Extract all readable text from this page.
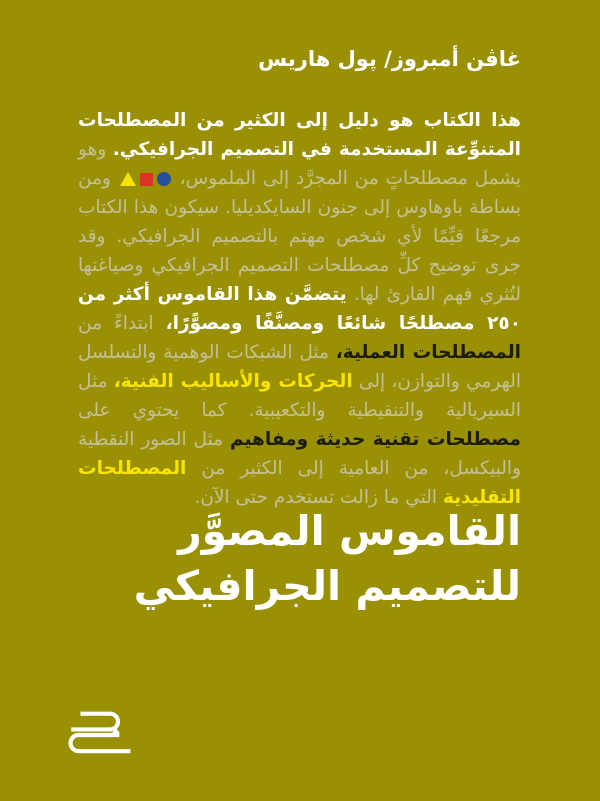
غاڤن أمبروز/ پول هاريس
هذا الكتاب هو دليل إلى الكثير من المصطلحات المتنوِّعة المستخدمة في التصميم الجرافيكي. وهو يشمل مصطلحاتٍ من المجرَّد إلى الملموس،  ومن بساطة باوهاوس إلى جنون السايكديليا. سيكون هذا الكتاب مرجعًا قيِّمًا لأي شخص مهتم بالتصميم الجرافيكي. وقد جرى توضيح كلِّ مصطلحات التصميم الجرافيكي وصياغتها لتُثري فهم القارئ لها. يتضمَّن هذا القاموس أكثر من ٢٥٠ مصطلحًا شائعًا ومصنَّفًا ومصوًّرًا، ابتداءً من المصطلحات العملية، مثل الشبكات الوهمية والتسلسل الهرمي والتوازن، إلى الحركات والأساليب الفنية، مثل السيريالية والتنقيطية والتكعيبية. كما يحتوي على مصطلحات تقنية حديثة ومفاهيم مثل الصور النقطية والبيكسل، من العامية إلى الكثير من المصطلحات التقليدية التي ما زالت تستخدم حتى الآن.
القاموس المصوَّر
للتصميم الجرافيكي
